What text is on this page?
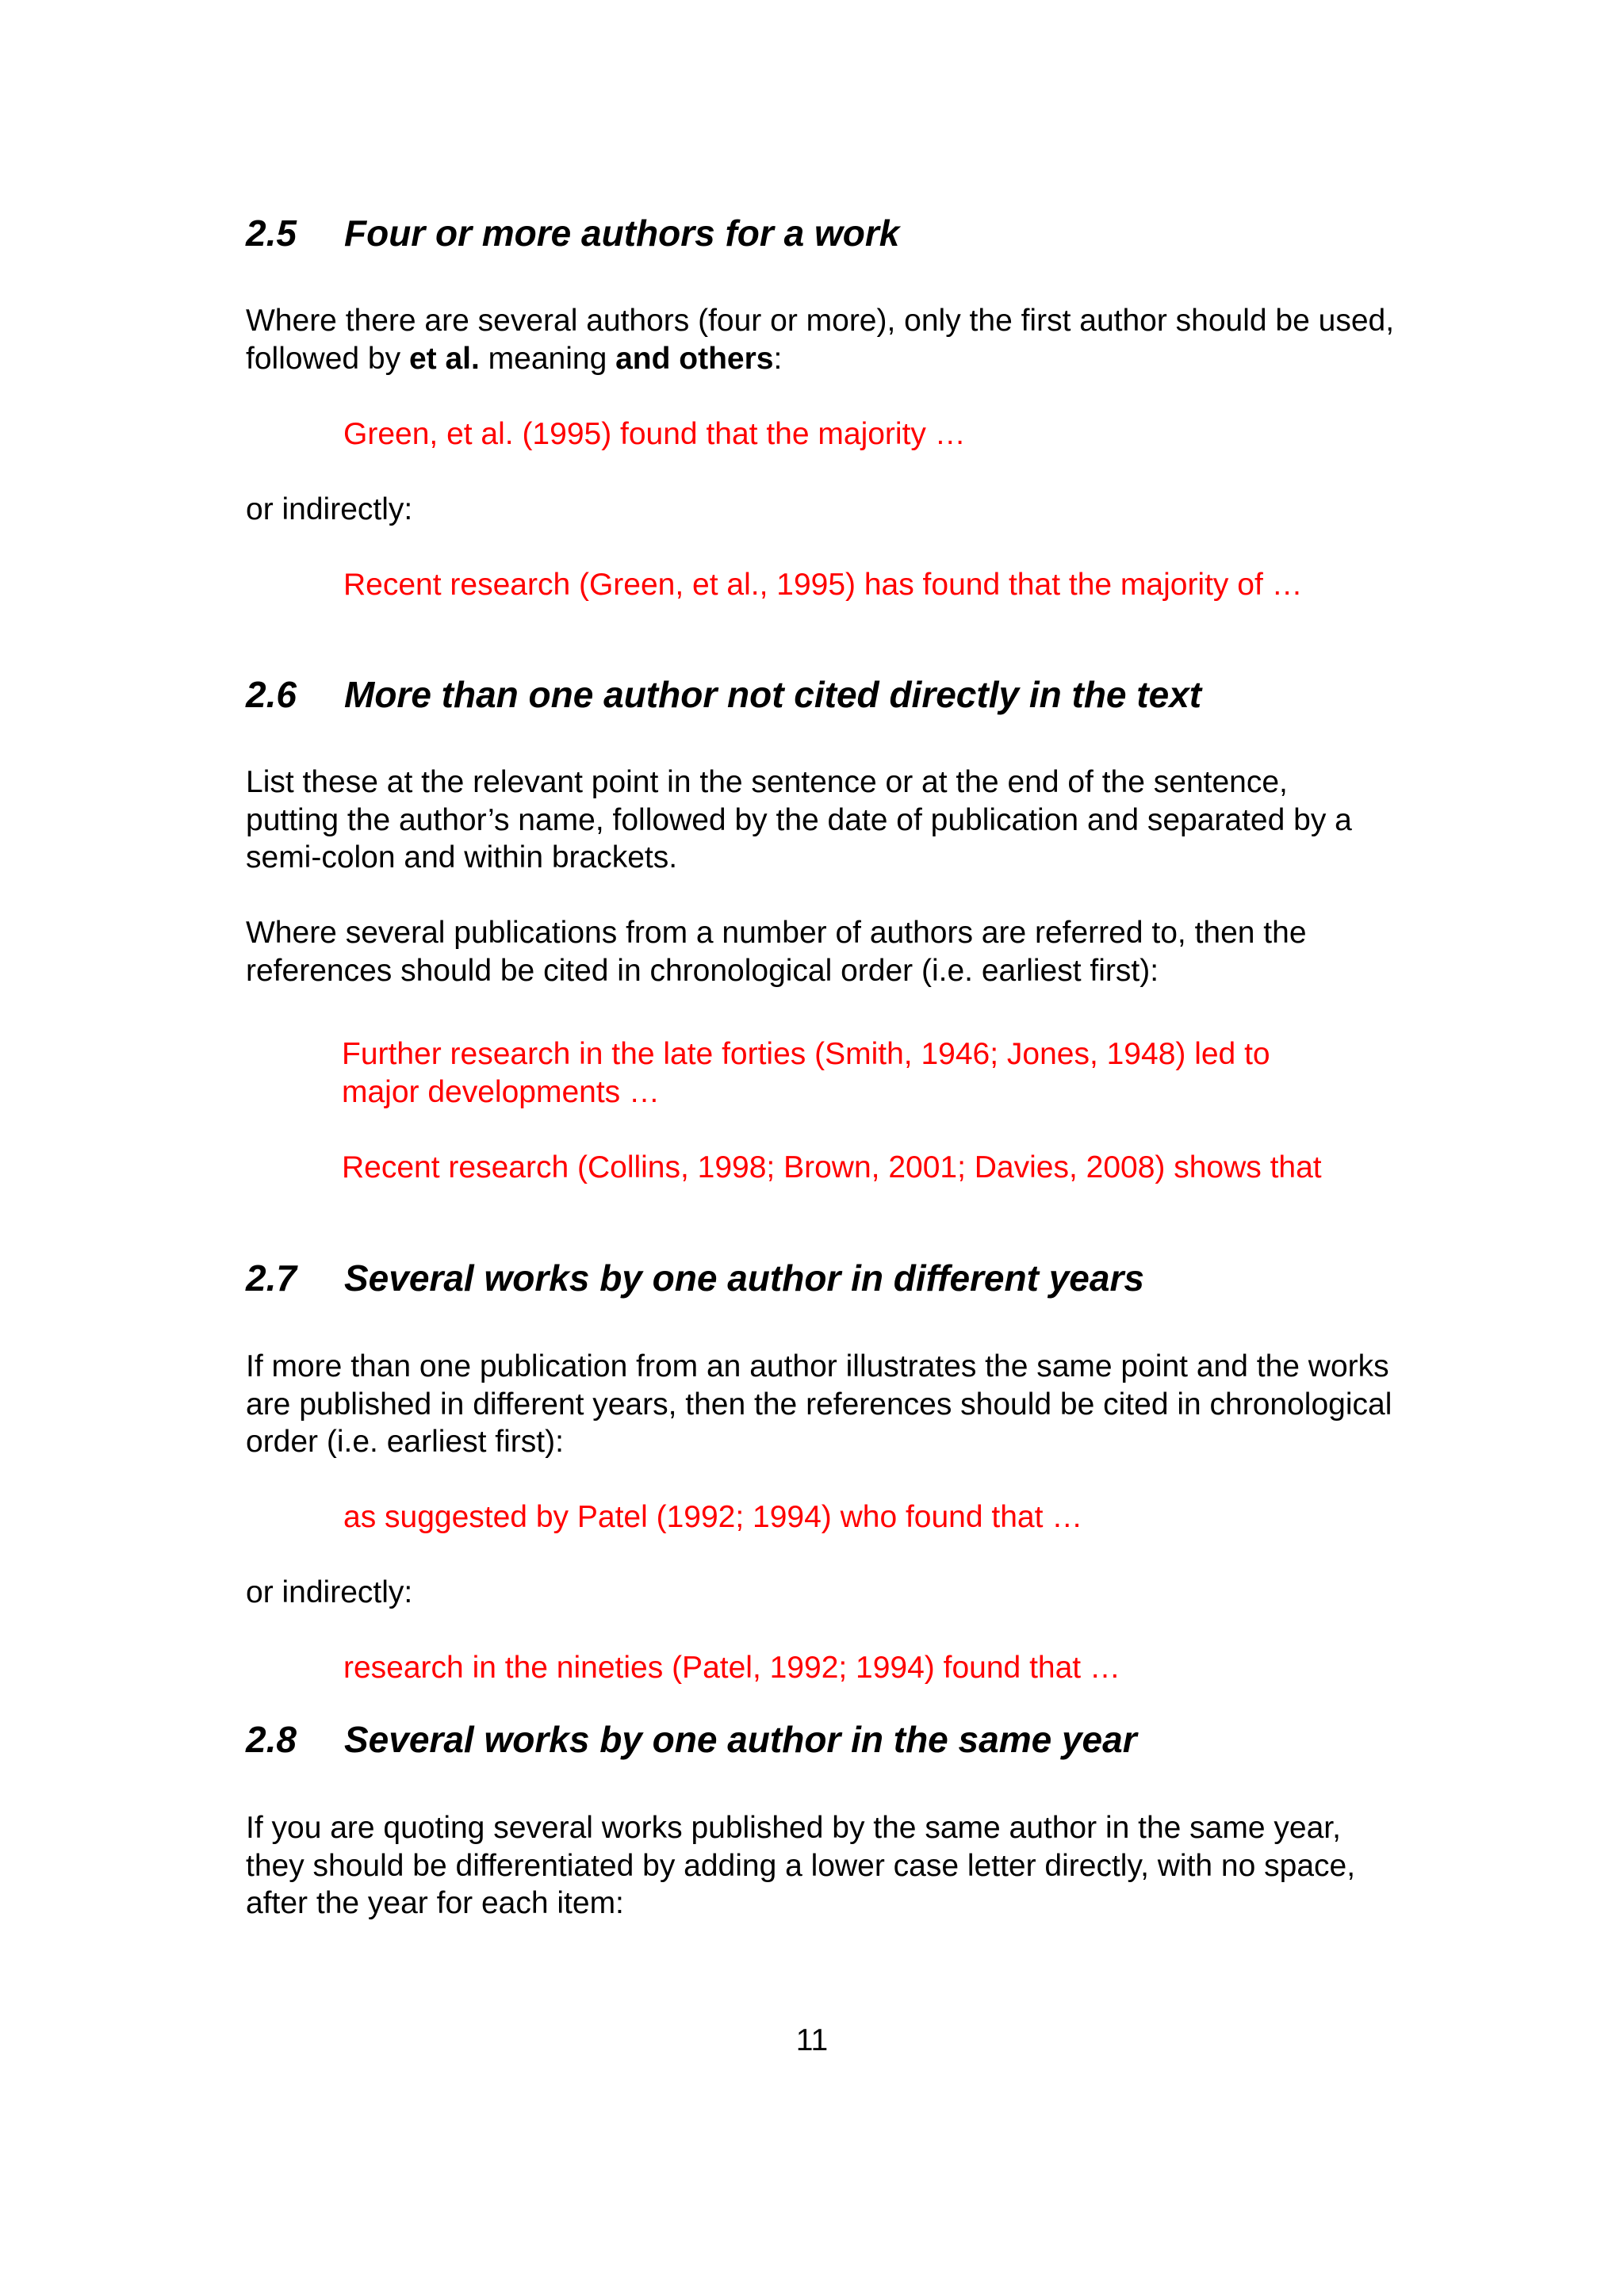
2.5 Four or more authors for a work

Where there are several authors (four or more), only the first author should be used, followed by et al. meaning and others:

Green, et al. (1995) found that the majority …

or indirectly:

Recent research (Green, et al., 1995) has found that the majority of …

2.6 More than one author not cited directly in the text

List these at the relevant point in the sentence or at the end of the sentence, putting the author’s name, followed by the date of publication and separated by a semi-colon and within brackets.

Where several publications from a number of authors are referred to, then the references should be cited in chronological order (i.e. earliest first):

Further research in the late forties (Smith, 1946; Jones, 1948) led to major developments …

Recent research (Collins, 1998; Brown, 2001; Davies, 2008) shows that

2.7 Several works by one author in different years

If more than one publication from an author illustrates the same point and the works are published in different years, then the references should be cited in chronological order (i.e. earliest first):

as suggested by Patel (1992; 1994) who found that …

or indirectly:

research in the nineties (Patel, 1992; 1994) found that …

2.8 Several works by one author in the same year

If you are quoting several works published by the same author in the same year, they should be differentiated by adding a lower case letter directly, with no space, after the year for each item:

11
